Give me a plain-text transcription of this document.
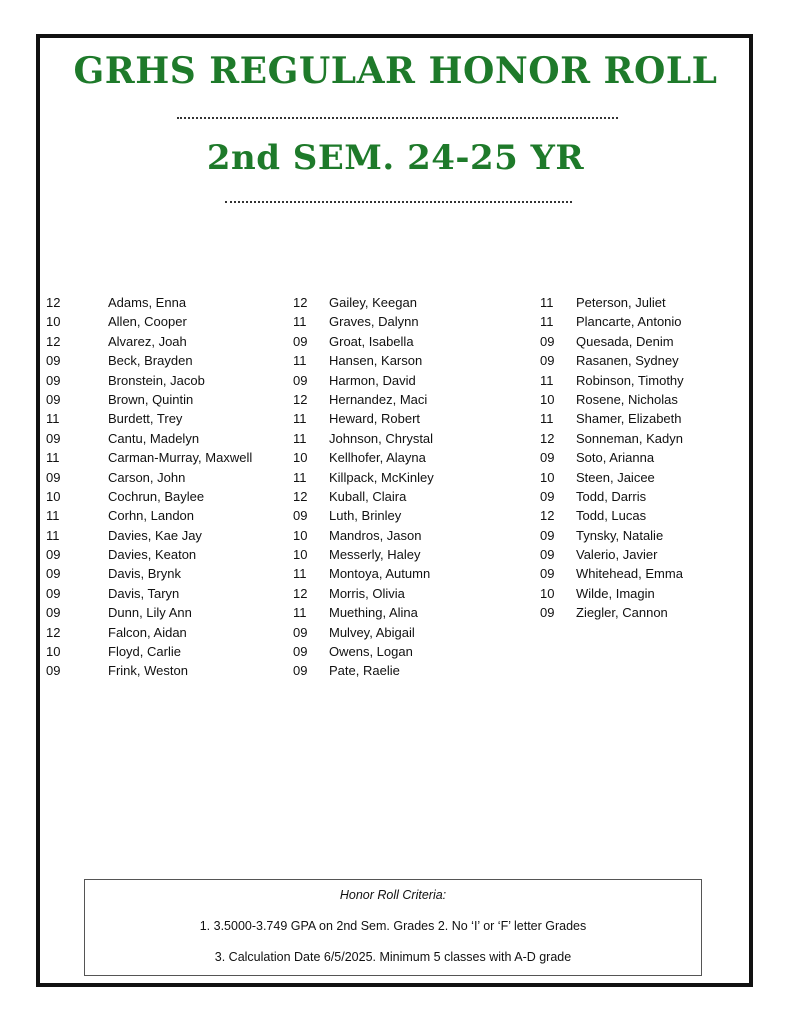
GRHS REGULAR HONOR ROLL
2nd SEM. 24-25 YR
12	Adams, Enna
10	Allen, Cooper
12	Alvarez, Joah
09	Beck, Brayden
09	Bronstein, Jacob
09	Brown, Quintin
11	Burdett, Trey
09	Cantu, Madelyn
11	Carman-Murray, Maxwell
09	Carson, John
10	Cochrun, Baylee
11	Corhn, Landon
11	Davies, Kae Jay
09	Davies, Keaton
09	Davis, Brynk
09	Davis, Taryn
09	Dunn, Lily Ann
12	Falcon, Aidan
10	Floyd, Carlie
09	Frink, Weston
12 Gailey, Keegan
11 Graves, Dalynn
09 Groat, Isabella
11 Hansen, Karson
09 Harmon, David
12 Hernandez, Maci
11 Heward, Robert
11 Johnson, Chrystal
10 Kellhofer, Alayna
11 Killpack, McKinley
12 Kuball, Claira
09 Luth, Brinley
10 Mandros, Jason
10 Messerly, Haley
11 Montoya, Autumn
12 Morris, Olivia
11 Muething, Alina
09 Mulvey, Abigail
09 Owens, Logan
09 Pate, Raelie
11 Peterson, Juliet
11 Plancarte, Antonio
09 Quesada, Denim
09 Rasanen, Sydney
11 Robinson, Timothy
10 Rosene, Nicholas
11 Shamer, Elizabeth
12 Sonneman, Kadyn
09 Soto, Arianna
10 Steen, Jaicee
09 Todd, Darris
12 Todd, Lucas
09 Tynsky, Natalie
09 Valerio, Javier
09 Whitehead, Emma
10 Wilde, Imagin
09 Ziegler, Cannon
Honor Roll Criteria:
1. 3.5000-3.749 GPA on 2nd Sem. Grades 2. No ‘I’ or ‘F’ letter Grades
3. Calculation Date 6/5/2025. Minimum 5 classes with A-D grade
